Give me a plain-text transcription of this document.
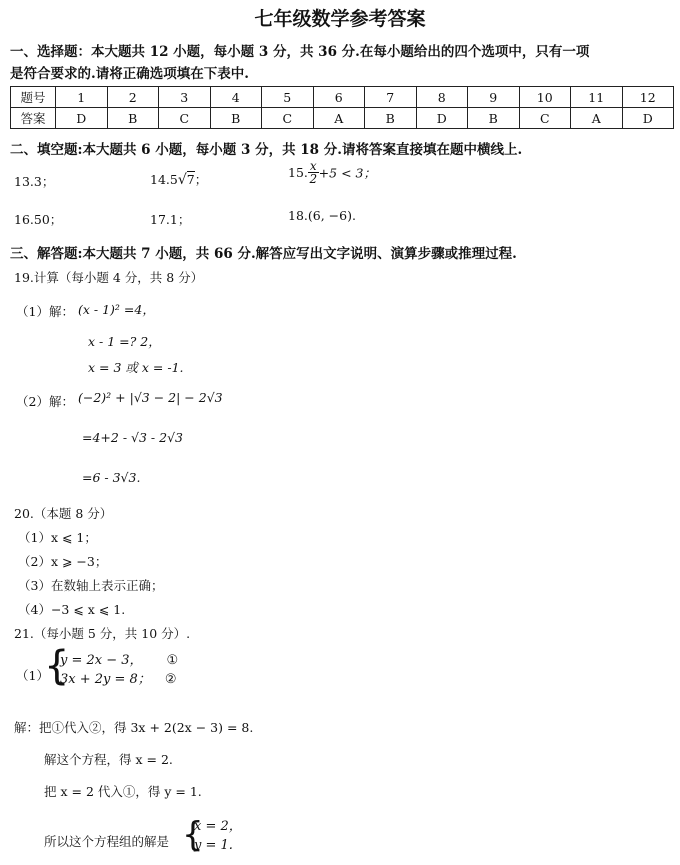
七年级数学参考答案
一、选择题：本大题共 12 小题，每小题 3 分，共 36 分.在每小题给出的四个选项中，只有一项
是符合要求的.请将正确选项填在下表中.
题号	1	2	3	4	5	6	7	8	9	10	11	12
答案	D	B	C	B	C	A	B	D	B	C	A	D
二、填空题:本大题共 6 小题，每小题 3 分，共 18 分.请将答案直接填在题中横线上.
13.3；	14.5√7；	15. $\frac{x}{2} +5 < 3$；
16.50；	17.1；	18.(6, −6).
三、解答题:本大题共 7 小题，共 66 分.解答应写出文字说明、演算步骤或推理过程.
19.计算（每小题 4 分，共 8 分）
（1）解： (x - 1)² =4，
x - 1 =? 2，
x = 3 或 x = -1.
（2）解： (−2)² + |√3 − 2| − 2√3
=4+2 - √3 - 2√3
=6 - 3√3.
20.（本题 8 分）
（1）x ⩽ 1；
（2）x ⩾ −3；
（3）在数轴上表示正确；
（4）−3 ⩽ x ⩽ 1.
21.（每小题 5 分，共 10 分）.
（1）
{
y = 2x − 3， ①
3x + 2y = 8； ②
解：把①代入②，得 3x + 2(2x − 3) = 8.
解这个方程，得 x = 2.
把 x = 2 代入①，得 y = 1.
所以这个方程组的解是 {
x = 2，
y = 1.
